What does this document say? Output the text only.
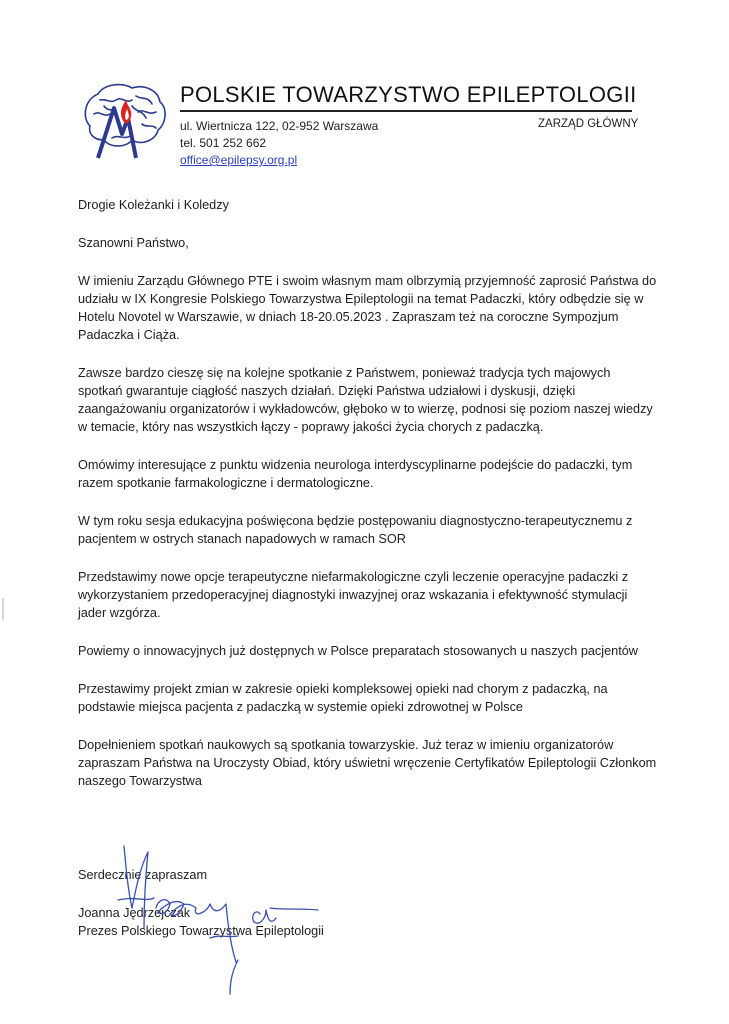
POLSKIE TOWARZYSTWO EPILEPTOLOGII
ul. Wiertnicza 122, 02-952 Warszawa
tel. 501 252 662
office@epilepsy.org.pl
ZARZĄD GŁÓWNY

Drogie Koleżanki i Koledzy

Szanowni Państwo,

W imieniu Zarządu Głównego PTE i swoim własnym mam olbrzymią przyjemność zaprosić Państwa do udziału w IX Kongresie Polskiego Towarzystwa Epileptologii na temat Padaczki, który odbędzie się w Hotelu Novotel w Warszawie, w dniach 18-20.05.2023 . Zapraszam też na coroczne Sympozjum Padaczka i Ciąża.

Zawsze bardzo cieszę się na kolejne spotkanie z Państwem, ponieważ tradycja tych majowych spotkań gwarantuje ciągłość naszych działań. Dzięki Państwa udziałowi i dyskusji, dzięki zaangażowaniu organizatorów i wykładowców, głęboko w to wierzę, podnosi się poziom naszej wiedzy w temacie, który nas wszystkich łączy - poprawy jakości życia chorych z padaczką.

Omówimy interesujące z punktu widzenia neurologa interdyscyplinarne podejście do padaczki, tym razem spotkanie farmakologiczne i dermatologiczne.

W tym roku sesja edukacyjna poświęcona będzie postępowaniu diagnostyczno-terapeutycznemu z pacjentem w ostrych stanach napadowych w ramach SOR

Przedstawimy nowe opcje terapeutyczne niefarmakologiczne czyli leczenie operacyjne padaczki z wykorzystaniem przedoperacyjnej diagnostyki inwazyjnej oraz wskazania i efektywność stymulacji jader wzgórza.

Powiemy o innowacyjnych już dostępnych w Polsce preparatach stosowanych u naszych pacjentów

Przestawimy projekt zmian w zakresie opieki kompleksowej opieki nad chorym z padaczką, na podstawie miejsca pacjenta z padaczką w systemie opieki zdrowotnej w Polsce

Dopełnieniem spotkań naukowych są spotkania towarzyskie. Już teraz w imieniu organizatorów zapraszam Państwa na Uroczysty Obiad, który uświetni wręczenie Certyfikatów Epileptologii Członkom naszego Towarzystwa

Serdecznie zapraszam
Joanna Jędrzejczak
Prezes Polskiego Towarzystwa Epileptologii
